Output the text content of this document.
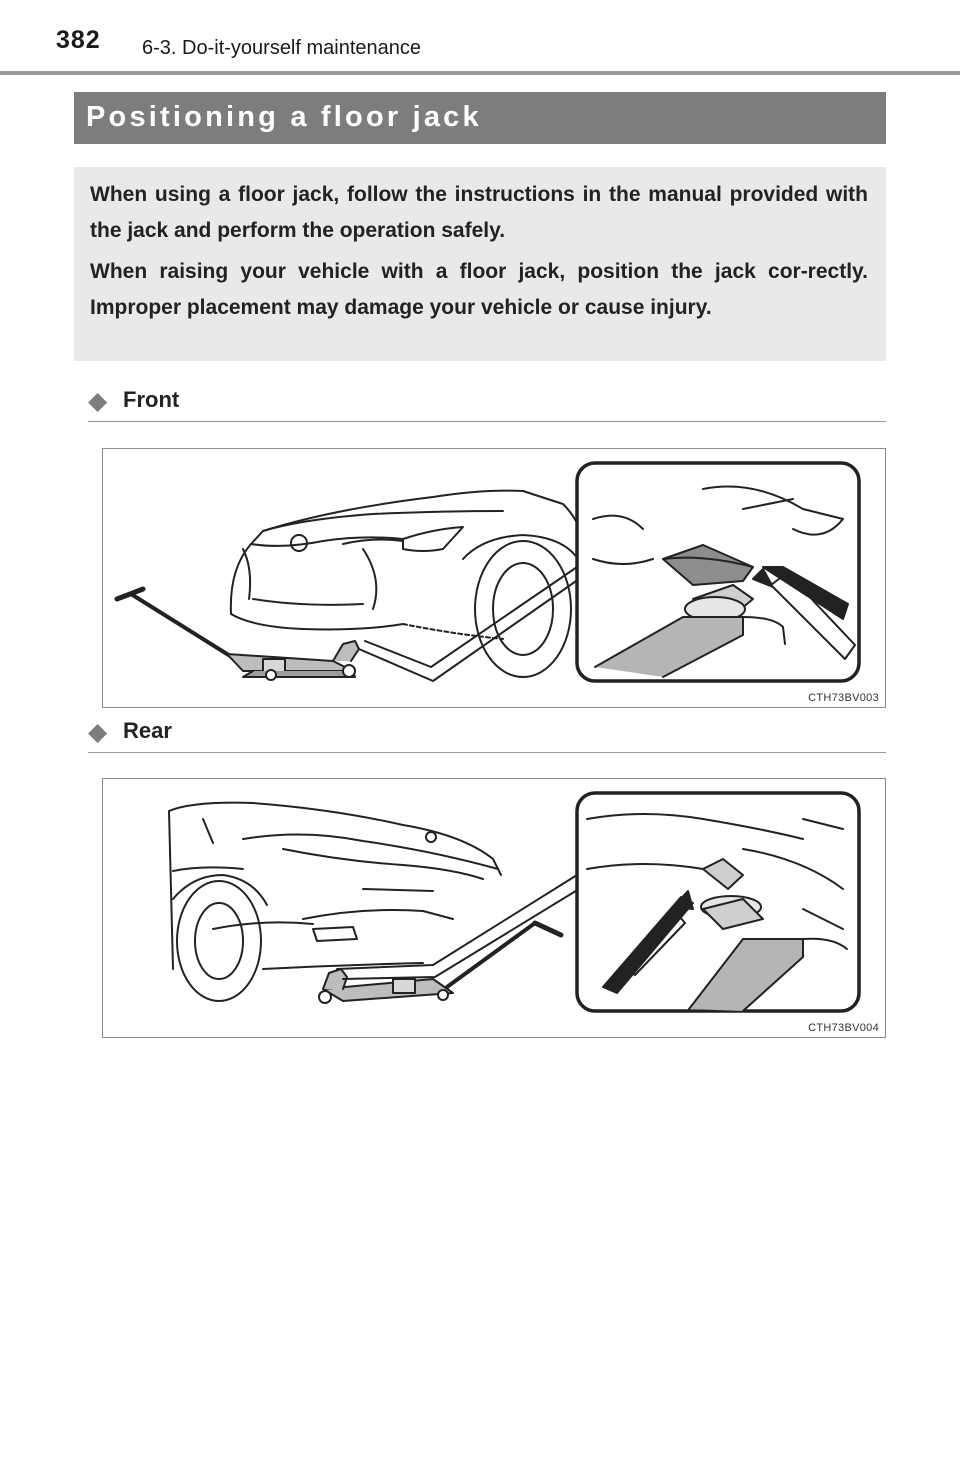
382 6-3. Do-it-yourself maintenance
Positioning a floor jack

When using a floor jack, follow the instructions in the manual provided with the jack and perform the operation safely.

When raising your vehicle with a floor jack, position the jack cor-rectly. Improper placement may damage your vehicle or cause injury.

◆ Front
CTH73BV003
◆ Rear
CTH73BV004
